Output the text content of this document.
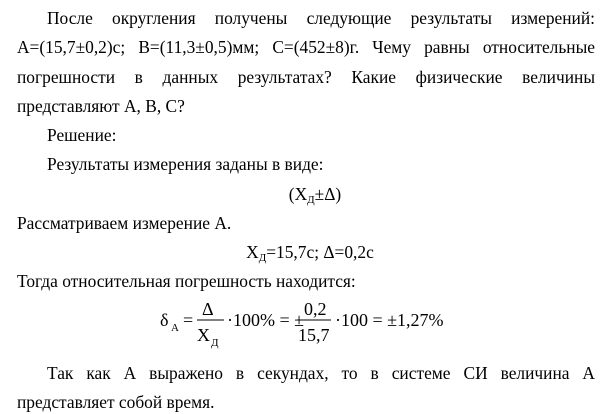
После округления получены следующие результаты измерений:
A=(15,7±0,2)с; B=(11,3±0,5)мм; C=(452±8)г. Чему равны относительные
погрешности в данных результатах? Какие физические величины
представляют A, B, C?
Решение:
Результаты измерения заданы в виде:
$(X_Д\pm\Delta)$
Рассматриваем измерение А.
$X_Д=15,7с$; Δ=0,2с
Тогда относительная погрешность находится:
δ A =
Δ
X Д
·100% = ±
0,2
15,7
·100 = ±1,27%
Так как А выражено в секундах, то в системе СИ величина А
представляет собой время.
